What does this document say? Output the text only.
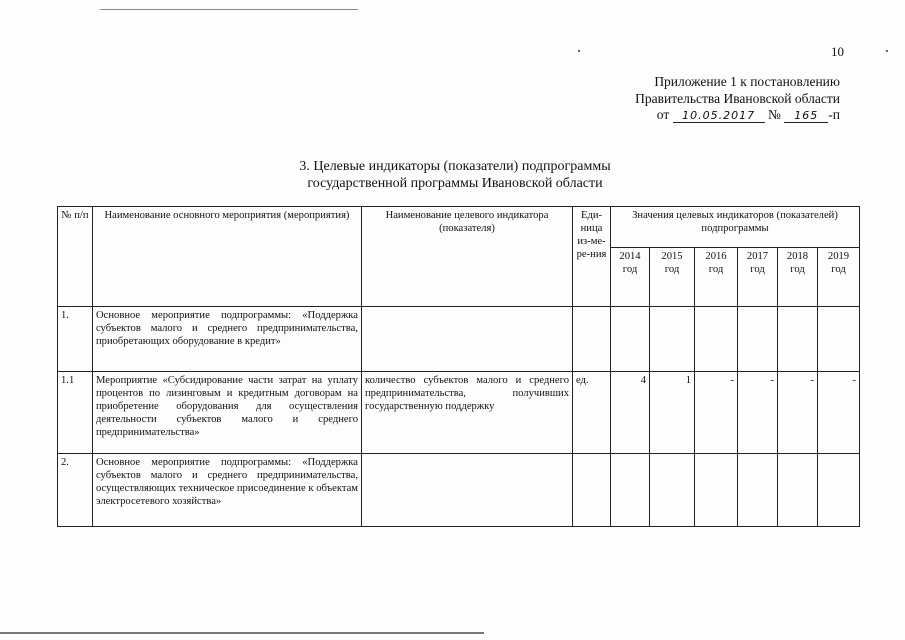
10
Приложение 1 к постановлению
Правительства Ивановской области
от 10.05.2017 № 165 -п
3. Целевые индикаторы (показатели) подпрограммы
государственной программы Ивановской области
№ п/п	Наименование основного мероприятия (мероприятия)	Наименование целевого индикатора (показателя)	Еди-ница из-ме-ре-ния	Значения целевых индикаторов (показателей) подпрограммы					
				2014 год	2015 год	2016 год	2017 год	2018 год	2019 год
1.	Основное мероприятие подпрограммы: «Поддержка субъектов малого и среднего предпринимательства, приобретающих оборудование в кредит»								
1.1	Мероприятие «Субсидирование части затрат на уплату процентов по лизинговым и кредитным договорам на приобретение оборудования для осуществления деятельности субъектов малого и среднего предпринимательства»	количество субъектов малого и среднего предпринимательства, получивших государственную поддержку	ед.	4	1	-	-	-	-
2.	Основное мероприятие подпрограммы: «Поддержка субъектов малого и среднего предпринимательства, осуществляющих техническое присоединение к объектам электросетевого хозяйства»								
